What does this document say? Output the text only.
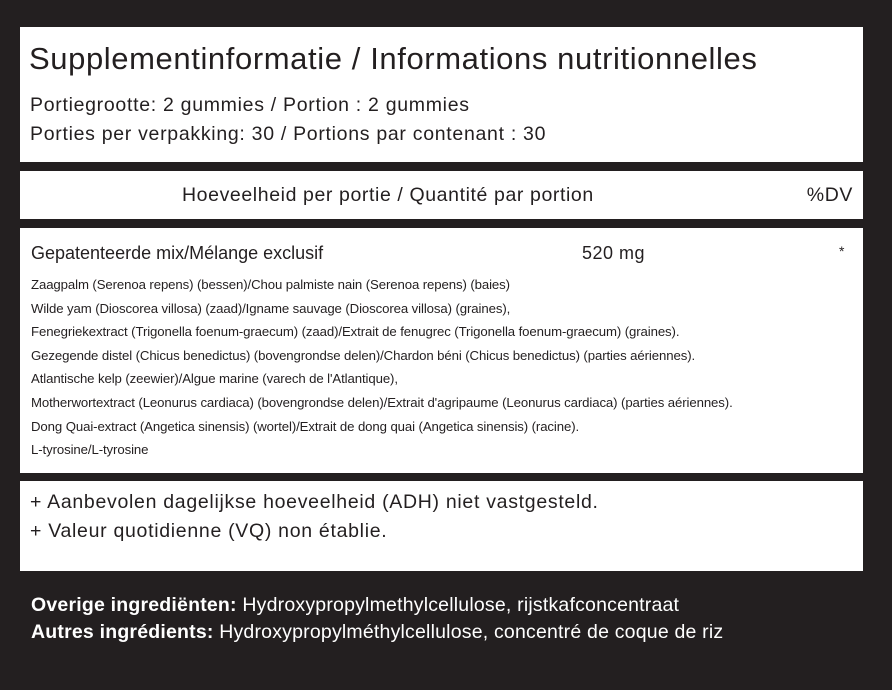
Supplementinformatie / Informations nutritionnelles
Portiegrootte: 2 gummies / Portion : 2 gummies
Porties per verpakking: 30 / Portions par contenant : 30
Hoeveelheid per portie / Quantité par portion	%DV
Gepatenteerde mix/Mélange exclusif	520 mg	*
Zaagpalm (Serenoa repens) (bessen)/Chou palmiste nain (Serenoa repens) (baies)
Wilde yam (Dioscorea villosa) (zaad)/Igname sauvage (Dioscorea villosa) (graines),
Fenegriekextract (Trigonella foenum-graecum) (zaad)/Extrait de fenugrec (Trigonella foenum-graecum) (graines).
Gezegende distel (Chicus benedictus) (bovengrondse delen)/Chardon béni (Chicus benedictus) (parties aériennes).
Atlantische kelp (zeewier)/Algue marine (varech de l'Atlantique),
Motherwortextract (Leonurus cardiaca) (bovengrondse delen)/Extrait d'agripaume (Leonurus cardiaca) (parties aériennes).
Dong Quai-extract (Angetica sinensis) (wortel)/Extrait de dong quai (Angetica sinensis) (racine).
L-tyrosine/L-tyrosine
+ Aanbevolen dagelijkse hoeveelheid (ADH) niet vastgesteld.
+ Valeur quotidienne (VQ) non établie.
Overige ingrediënten: Hydroxypropylmethylcellulose, rijstkafconcentraat
Autres ingrédients: Hydroxypropylméthylcellulose, concentré de coque de riz
